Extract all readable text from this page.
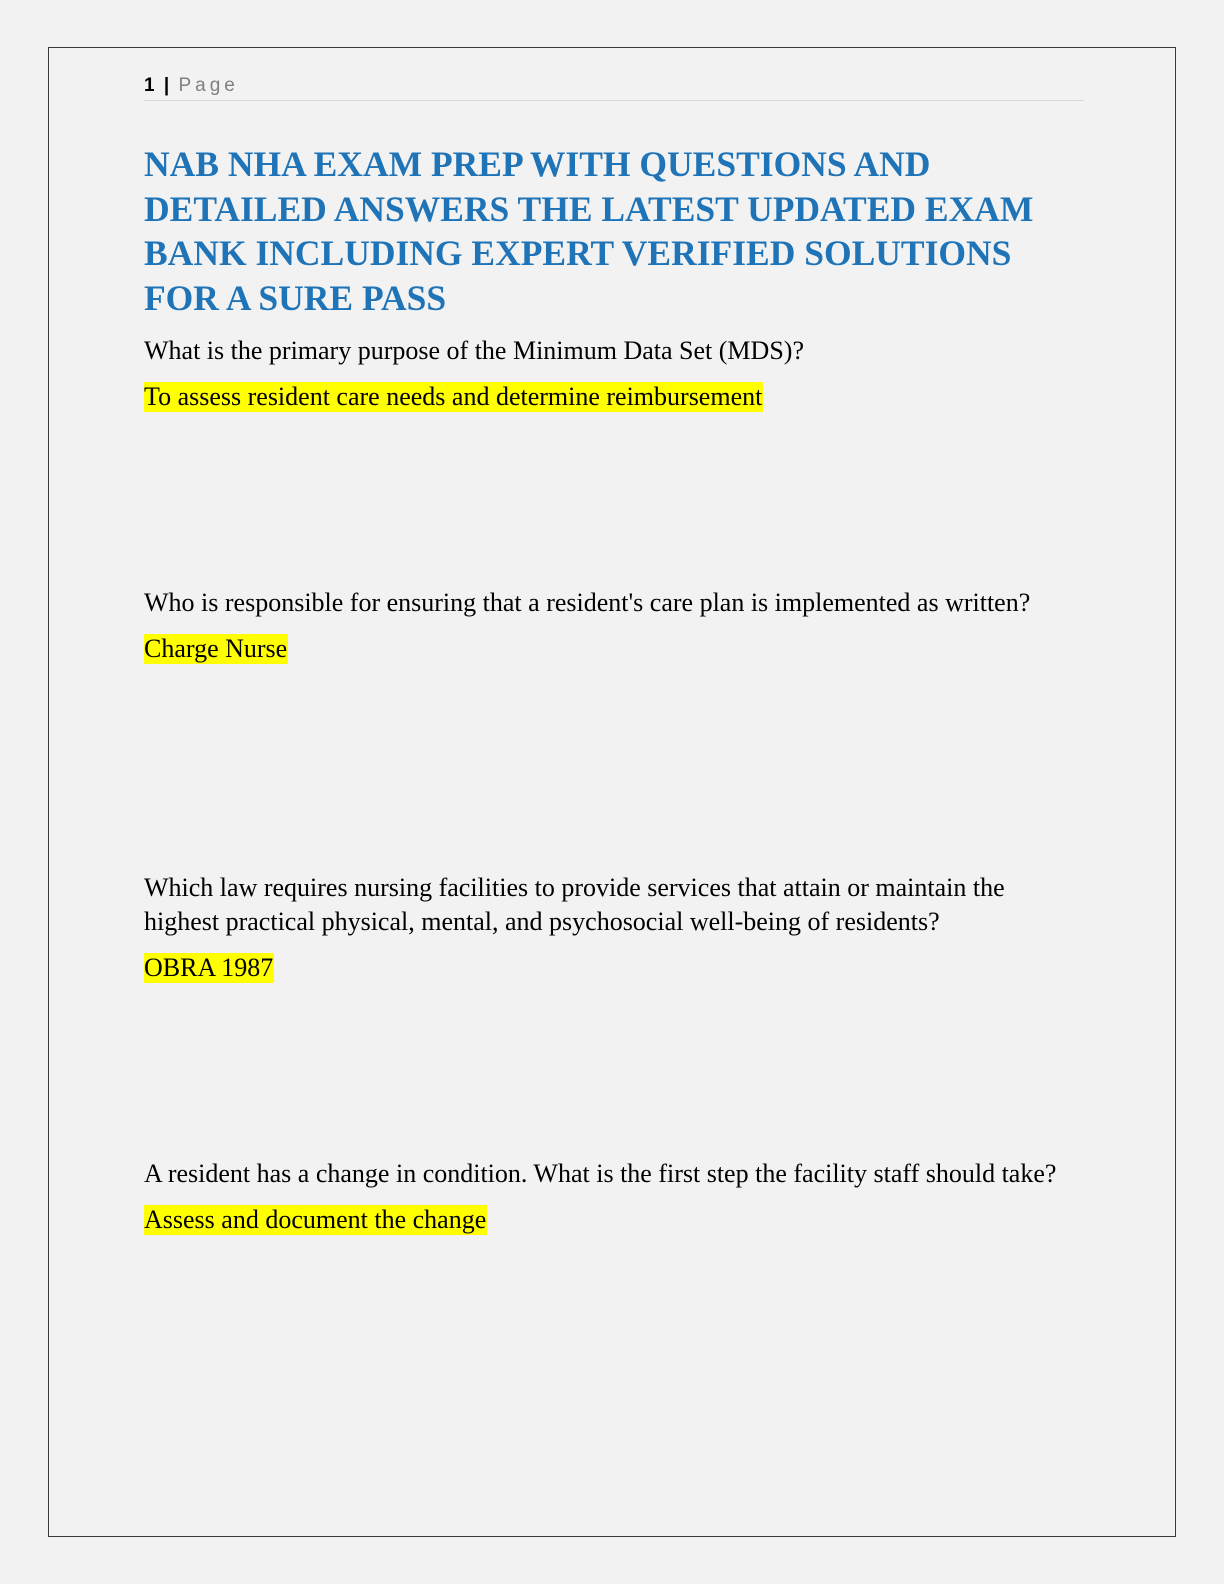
1 | Page
NAB NHA EXAM PREP WITH QUESTIONS AND DETAILED ANSWERS THE LATEST UPDATED EXAM BANK INCLUDING EXPERT VERIFIED SOLUTIONS FOR A SURE PASS

What is the primary purpose of the Minimum Data Set (MDS)?

To assess resident care needs and determine reimbursement

Who is responsible for ensuring that a resident's care plan is implemented as written?

Charge Nurse

Which law requires nursing facilities to provide services that attain or maintain the highest practical physical, mental, and psychosocial well-being of residents?

OBRA 1987

A resident has a change in condition. What is the first step the facility staff should take?

Assess and document the change
